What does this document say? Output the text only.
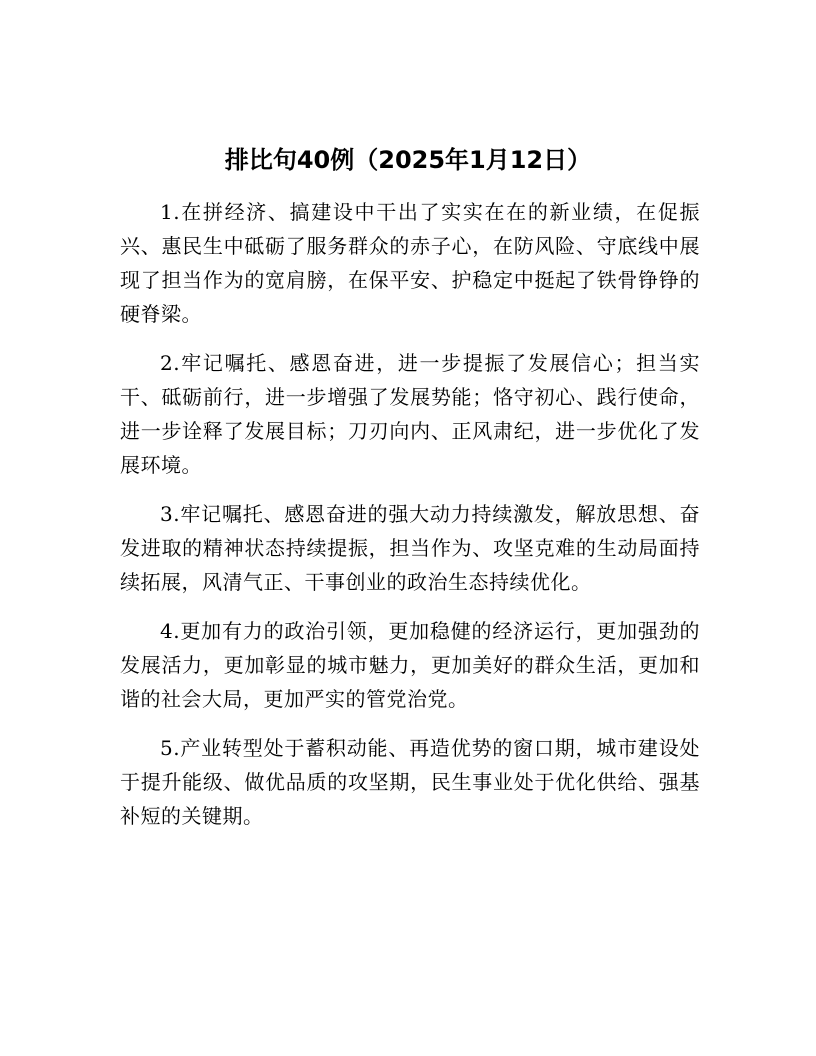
排比句40例（2025年1月12日）

1.在拼经济、搞建设中干出了实实在在的新业绩，在促振兴、惠民生中砥砺了服务群众的赤子心，在防风险、守底线中展现了担当作为的宽肩膀，在保平安、护稳定中挺起了铁骨铮铮的硬脊梁。

2.牢记嘱托、感恩奋进，进一步提振了发展信心；担当实干、砥砺前行，进一步增强了发展势能；恪守初心、践行使命，进一步诠释了发展目标；刀刃向内、正风肃纪，进一步优化了发展环境。

3.牢记嘱托、感恩奋进的强大动力持续激发，解放思想、奋发进取的精神状态持续提振，担当作为、攻坚克难的生动局面持续拓展，风清气正、干事创业的政治生态持续优化。

4.更加有力的政治引领，更加稳健的经济运行，更加强劲的发展活力，更加彰显的城市魅力，更加美好的群众生活，更加和谐的社会大局，更加严实的管党治党。

5.产业转型处于蓄积动能、再造优势的窗口期，城市建设处于提升能级、做优品质的攻坚期，民生事业处于优化供给、强基补短的关键期。
